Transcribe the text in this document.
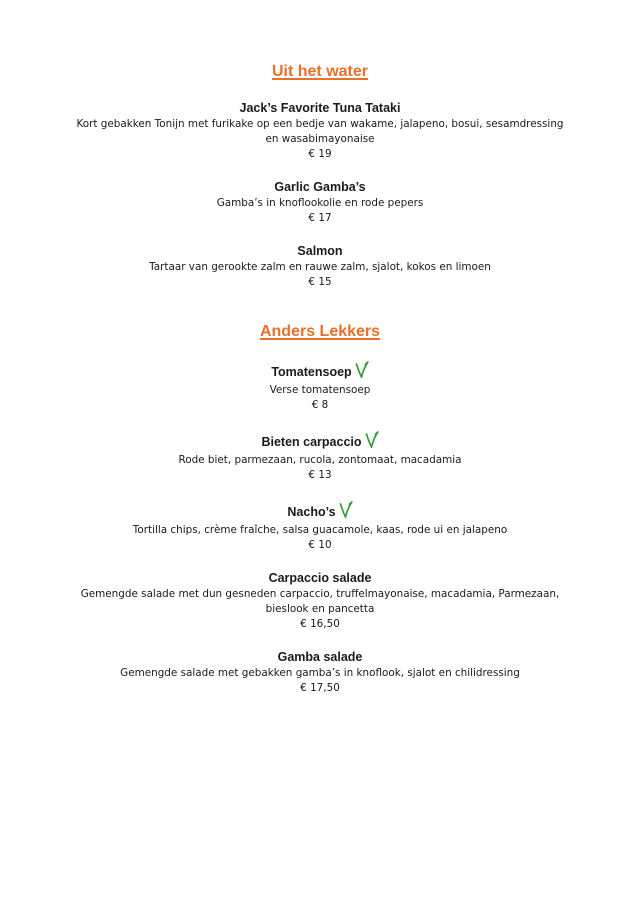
Uit het water

Jack’s Favorite Tuna Tataki

Kort gebakken Tonijn met furikake op een bedje van wakame, jalapeno, bosui, sesamdressing en wasabimayonaise

€ 19

Garlic Gamba’s

Gamba’s in knoflookolie en rode pepers

€ 17

Salmon

Tartaar van gerookte zalm en rauwe zalm, sjalot, kokos en limoen

€ 15

Anders Lekkers

Tomatensoep

Verse tomatensoep

€ 8

Bieten carpaccio

Rode biet, parmezaan, rucola, zontomaat, macadamia

€ 13

Nacho’s

Tortilla chips, crème fraîche, salsa guacamole, kaas, rode ui en jalapeno

€ 10

Carpaccio salade

Gemengde salade met dun gesneden carpaccio, truffelmayonaise, macadamia, Parmezaan, bieslook en pancetta

€ 16,50

Gamba salade

Gemengde salade met gebakken gamba’s in knoflook, sjalot en chilidressing

€ 17,50
